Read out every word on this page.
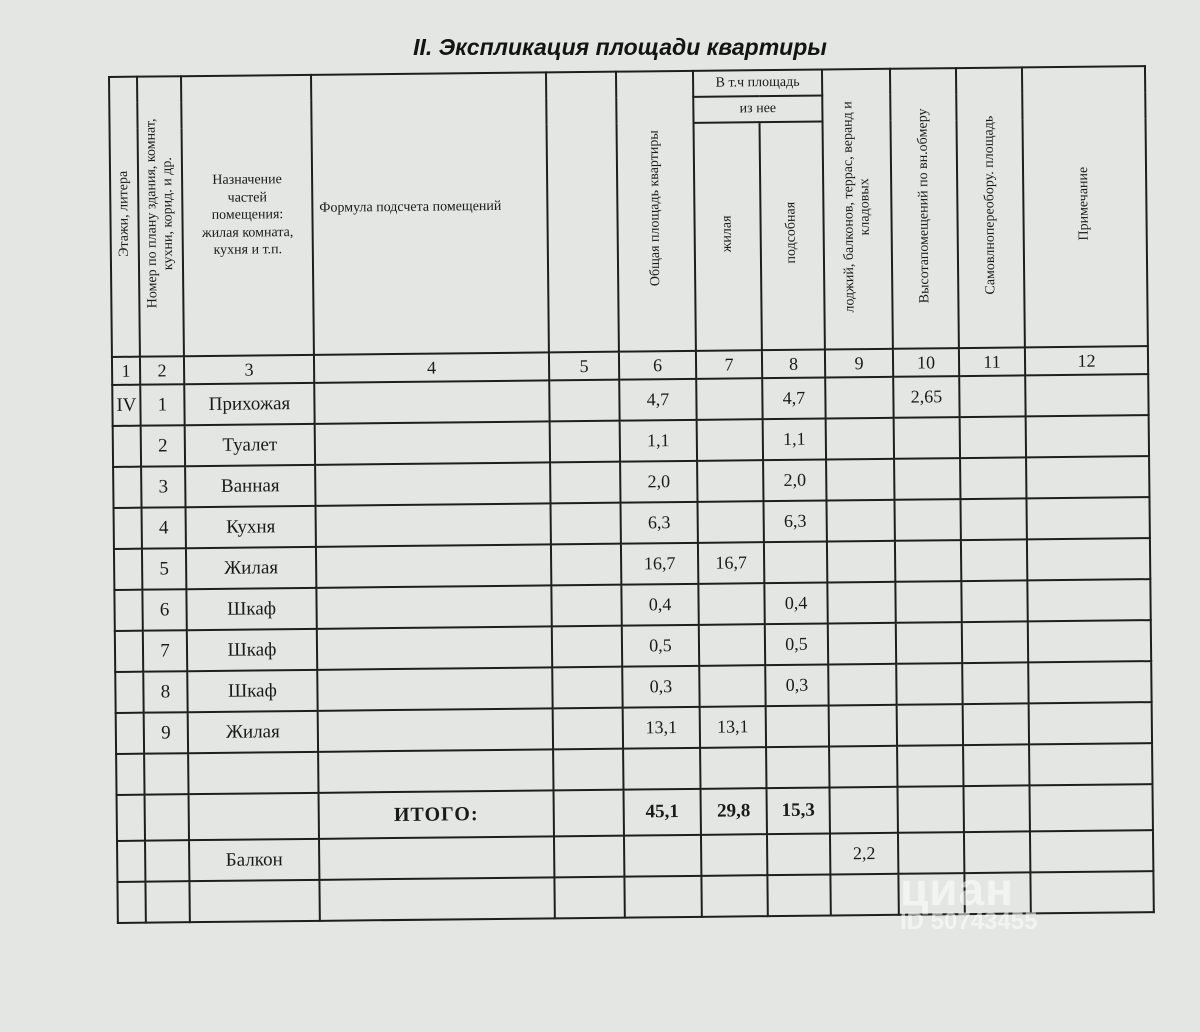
II. Экспликация площади квартиры
Этажи, литера	Номер по плану здания, комнат,
кухни, корид. и др.	Назначение
частей
помещения:
жилая комната,
кухня и т.п.	Формула подсчета помещений		Общая площадь квартиры	В т.ч площадь		лоджий, балконов, террас, веранд и
кладовых	Высотапомещений по вн.обмеру	Самовлнопереобору. площадь	Примечание
						из нее					
						жилая	подсобная				
1	2	3	4	5	6	7	8	9	10	11	12
IV	1	Прихожая			4,7		4,7		2,65		
	2	Туалет			1,1		1,1				
	3	Ванная			2,0		2,0				
	4	Кухня			6,3		6,3				
	5	Жилая			16,7	16,7					
	6	Шкаф			0,4		0,4				
	7	Шкаф			0,5		0,5				
	8	Шкаф			0,3		0,3				
	9	Жилая			13,1	13,1					

			ИТОГО:		45,1	29,8	15,3				
		Балкон						2,2			

циан
ID 50743455
